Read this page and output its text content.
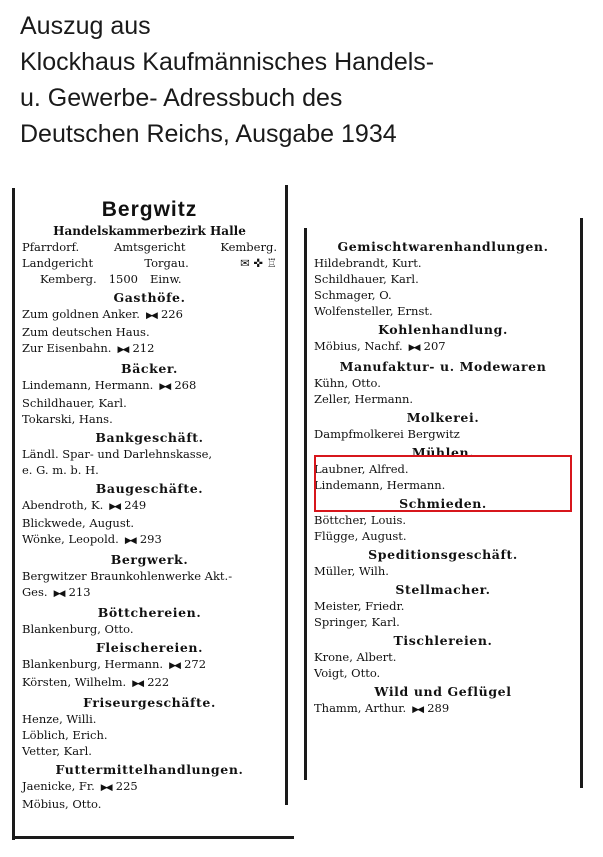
Auszug aus
Klockhaus Kaufmännisches Handels-
u. Gewerbe- Adressbuch des
Deutschen Reichs, Ausgabe 1934
Bergwitz
Handelskammerbezirk Halle
Pfarrdorf.	Amtsgericht	Kemberg.
Landgericht	Torgau.	✉ ✜ ♖
Kemberg. 1500 Einw.
Gasthöfe.
Zum goldnen Anker. ▶◀ 226
Zum deutschen Haus.
Zur Eisenbahn. ▶◀ 212
Bäcker.
Lindemann, Hermann. ▶◀ 268
Schildhauer, Karl.
Tokarski, Hans.
Bankgeschäft.
Ländl. Spar- und Darlehnskasse,
e. G. m. b. H.
Baugeschäfte.
Abendroth, K. ▶◀ 249
Blickwede, August.
Wönke, Leopold. ▶◀ 293
Bergwerk.
Bergwitzer Braunkohlenwerke Akt.-
Ges. ▶◀ 213
Böttchereien.
Blankenburg, Otto.
Fleischereien.
Blankenburg, Hermann. ▶◀ 272
Körsten, Wilhelm. ▶◀ 222
Friseurgeschäfte.
Henze, Willi.
Löblich, Erich.
Vetter, Karl.
Futtermittelhandlungen.
Jaenicke, Fr. ▶◀ 225
Möbius, Otto.
Gemischtwarenhandlungen.
Hildebrandt, Kurt.
Schildhauer, Karl.
Schmager, O.
Wolfensteller, Ernst.
Kohlenhandlung.
Möbius, Nachf. ▶◀ 207
Manufaktur- u. Modewaren
Kühn, Otto.
Zeller, Hermann.
Molkerei.
Dampfmolkerei Bergwitz
Mühlen.
Laubner, Alfred.
Lindemann, Hermann.
Schmieden.
Böttcher, Louis.
Flügge, August.
Speditionsgeschäft.
Müller, Wilh.
Stellmacher.
Meister, Friedr.
Springer, Karl.
Tischlereien.
Krone, Albert.
Voigt, Otto.
Wild und Geflügel
Thamm, Arthur. ▶◀ 289
